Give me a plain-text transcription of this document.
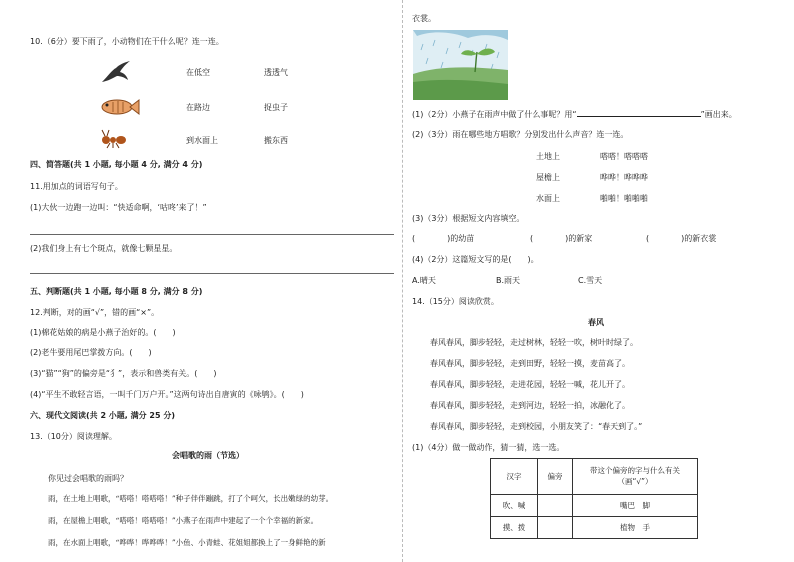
10.（6分）要下雨了，小动物们在干什么呢？连一连。
在低空	透透气
在路边	捉虫子
到水面上	搬东西
四、简答题(共 1 小题, 每小题 4 分, 满分 4 分)
11.用加点的词语写句子。
(1)大伙一边跑一边叫：“快适命啊，‘咕咚’来了！”
(2)我们身上有七个斑点，就像七颗星星。
五、判断题(共 1 小题, 每小题 8 分, 满分 8 分)
12.判断，对的画“√”，错的画“×”。
(1)棉花姑娘的病是小燕子治好的。(　　)
(2)老牛要用尾巴掌拨方向。(　　)
(3)“猫”“狗”的偏旁是“犭”，表示和兽类有关。(　　)
(4)“平生不敢轻言语，一叫千门万户开。”这两句诗出自唐寅的《咏鸲》。(　　)
六、现代文阅读(共 2 小题, 满分 25 分)
13.（10分）阅读理解。
会唱歌的雨（节选）
你见过会唱歌的雨吗？
雨，在土地上唱歌，“嗒嗒！嗒嗒嗒！”种子伴伴蹦跳，打了个呵欠，长出嫩绿的幼芽。
雨，在屋檐上唱歌，“嗒嗒！嗒嗒嗒！”小燕子在雨声中建起了一个个幸福的新家。
雨，在水面上唱歌，“哗哗！哗哗哗！”小鱼、小青蛙、花姐姐都换上了一身鲜艳的新
衣裳。
(1)（2分）小燕子在雨声中做了什么事呢？用“	”画出来。
(2)（3分）雨在哪些地方唱歌？分别发出什么声音？连一连。
土地上	嗒嗒！嗒嗒嗒
屋檐上	哗哗！哗哗哗
水面上	啪啪！啪啪啪
(3)（3分）根据短文内容填空。
(　　　　)的幼苗	(　　　　)的新家	(　　　　)的新衣裳
(4)（2分）这篇短文写的是(　　)。
A.晴天	B.雨天	C.雪天
14.（15分）阅读欣赏。
春风
春风春风，脚步轻轻，走过树林，轻轻一吹，树叶时绿了。
春风春风，脚步轻轻，走到田野，轻轻一摸，麦苗高了。
春风春风，脚步轻轻，走进花园，轻轻一喊，花儿开了。
春风春风，脚步轻轻，走到河边，轻轻一拍，冰融化了。
春风春风，脚步轻轻，走到校园，小朋友笑了：“春天到了。”
(1)（4分）做一做动作，猜一猜，选一选。
汉字	偏旁	带这个偏旁的字与什么有关（画“√”）
吹、喊		嘴巴　脚
摸、拨		植物　手
